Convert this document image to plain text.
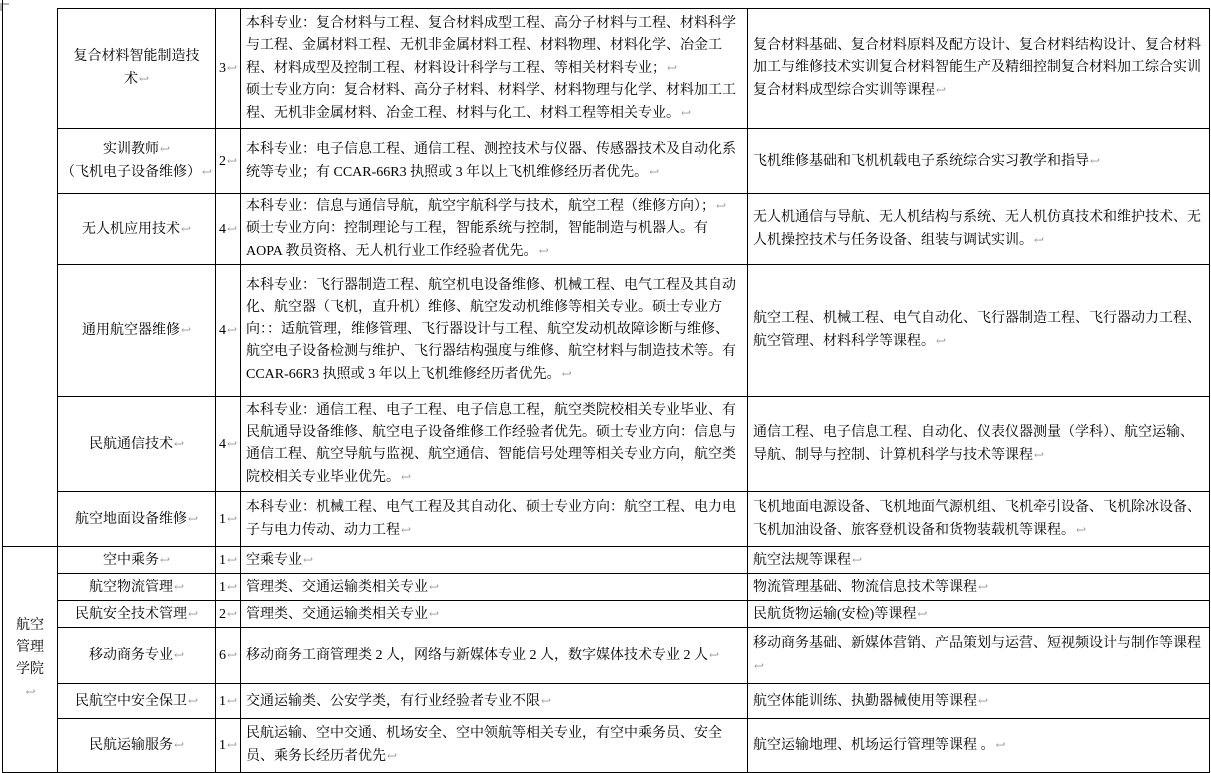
	复合材料智能制造技术↩	3↩	本科专业：复合材料与工程、复合材料成型工程、高分子材料与工程、材料科学与工程、金属材料工程、无机非金属材料工程、材料物理、材料化学、冶金工程、材料成型及控制工程、材料设计科学与工程、等相关材料专业；↩
硕士专业方向：复合材料、高分子材料、材料学、材料物理与化学、材料加工工程、无机非金属材料、冶金工程、材料与化工、材料工程等相关专业。↩	复合材料基础、复合材料原料及配方设计、复合材料结构设计、复合材料加工与维修技术实训复合材料智能生产及精细控制复合材料加工综合实训复合材料成型综合实训等课程↩

	实训教师↩
（飞机电子设备维修）↩	2↩	本科专业：电子信息工程、通信工程、测控技术与仪器、传感器技术及自动化系统等专业；有 CCAR-66R3 执照或 3 年以上飞机维修经历者优先。↩	飞机维修基础和飞机机载电子系统综合实习教学和指导↩

	无人机应用技术↩	4↩	本科专业：信息与通信导航，航空宇航科学与技术，航空工程（维修方向）；↩
硕士专业方向：控制理论与工程，智能系统与控制，智能制造与机器人。有 AOPA 教员资格、无人机行业工作经验者优先。↩	无人机通信与导航、无人机结构与系统、无人机仿真技术和维护技术、无人机操控技术与任务设备、组装与调试实训。↩

	通用航空器维修↩	4↩	本科专业：飞行器制造工程、航空机电设备维修、机械工程、电气工程及其自动化、航空器（飞机，直升机）维修、航空发动机维修等相关专业。硕士专业方向：：适航管理，维修管理、飞行器设计与工程、航空发动机故障诊断与维修、航空电子设备检测与维护、飞行器结构强度与维修、航空材料与制造技术等。有 CCAR-66R3 执照或 3 年以上飞机维修经历者优先。↩	航空工程、机械工程、电气自动化、飞行器制造工程、飞行器动力工程、航空管理、材料科学等课程。↩

	民航通信技术↩	4↩	本科专业：通信工程、电子工程、电子信息工程，航空类院校相关专业毕业、有民航通导设备维修、航空电子设备维修工作经验者优先。硕士专业方向：信息与通信工程、航空导航与监视、航空通信、智能信号处理等相关专业方向，航空类院校相关专业毕业优先。↩	通信工程、电子信息工程、自动化、仪表仪器测量（学科）、航空运输、导航、制导与控制、计算机科学与技术等课程↩

	航空地面设备维修↩	1↩	本科专业：机械工程、电气工程及其自动化、硕士专业方向：航空工程、电力电子与电力传动、动力工程↩	飞机地面电源设备、飞机地面气源机组、飞机牵引设备、飞机除冰设备、飞机加油设备、旅客登机设备和货物装载机等课程。↩

航空管理学院↩	空中乘务↩	1↩	空乘专业↩	航空法规等课程↩

	航空物流管理↩	1↩	管理类、交通运输类相关专业↩	物流管理基础、物流信息技术等课程↩

	民航安全技术管理↩	2↩	管理类、交通运输类相关专业↩	民航货物运输(安检)等课程↩

	移动商务专业↩	6↩	移动商务工商管理类 2 人，网络与新媒体专业 2 人，数字媒体技术专业 2 人↩	移动商务基础、新媒体营销、产品策划与运营、短视频设计与制作等课程↩

	民航空中安全保卫↩	1↩	交通运输类、公安学类，有行业经验者专业不限↩	航空体能训练、执勤器械使用等课程↩

	民航运输服务↩	1↩	民航运输、空中交通、机场安全、空中领航等相关专业，有空中乘务员、安全员、乘务长经历者优先↩	航空运输地理、机场运行管理等课程 。↩
